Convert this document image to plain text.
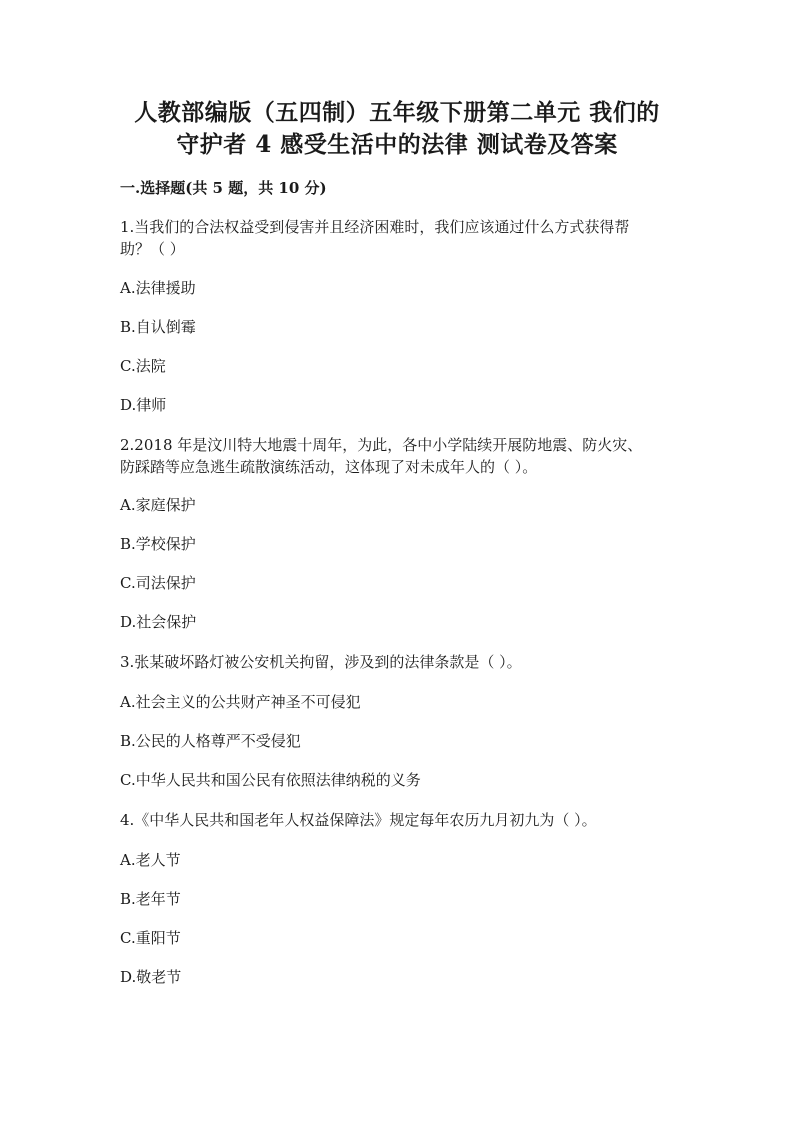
人教部编版（五四制）五年级下册第二单元 我们的
守护者 4 感受生活中的法律 测试卷及答案
一.选择题(共 5 题，共 10 分)
1.当我们的合法权益受到侵害并且经济困难时，我们应该通过什么方式获得帮
助？（ ）
A.法律援助
B.自认倒霉
C.法院
D.律师
2.2018 年是汶川特大地震十周年，为此，各中小学陆续开展防地震、防火灾、
防踩踏等应急逃生疏散演练活动，这体现了对未成年人的（ ）。
A.家庭保护
B.学校保护
C.司法保护
D.社会保护
3.张某破坏路灯被公安机关拘留，涉及到的法律条款是（ ）。
A.社会主义的公共财产神圣不可侵犯
B.公民的人格尊严不受侵犯
C.中华人民共和国公民有依照法律纳税的义务
4.《中华人民共和国老年人权益保障法》规定每年农历九月初九为（ ）。
A.老人节
B.老年节
C.重阳节
D.敬老节
